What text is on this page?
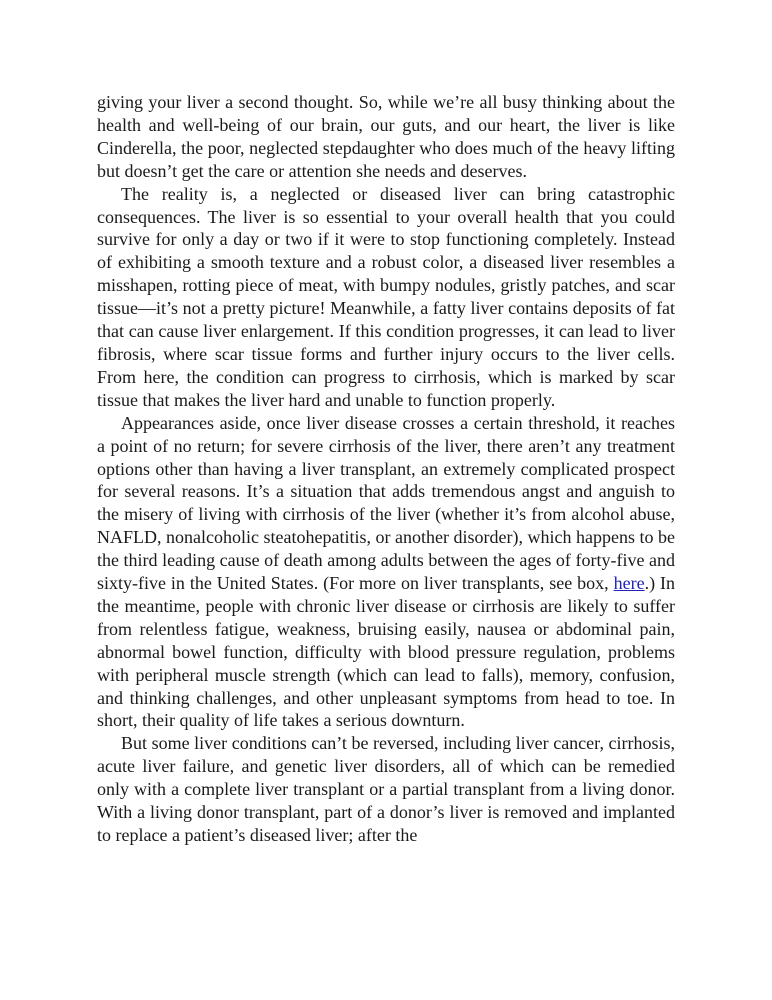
giving your liver a second thought. So, while we’re all busy thinking about the health and well-being of our brain, our guts, and our heart, the liver is like Cinderella, the poor, neglected stepdaughter who does much of the heavy lifting but doesn’t get the care or attention she needs and deserves.

The reality is, a neglected or diseased liver can bring catastrophic consequences. The liver is so essential to your overall health that you could survive for only a day or two if it were to stop functioning completely. Instead of exhibiting a smooth texture and a robust color, a diseased liver resembles a misshapen, rotting piece of meat, with bumpy nodules, gristly patches, and scar tissue—it’s not a pretty picture! Meanwhile, a fatty liver contains deposits of fat that can cause liver enlargement. If this condition progresses, it can lead to liver fibrosis, where scar tissue forms and further injury occurs to the liver cells. From here, the condition can progress to cirrhosis, which is marked by scar tissue that makes the liver hard and unable to function properly.

Appearances aside, once liver disease crosses a certain threshold, it reaches a point of no return; for severe cirrhosis of the liver, there aren’t any treatment options other than having a liver transplant, an extremely complicated prospect for several reasons. It’s a situation that adds tremendous angst and anguish to the misery of living with cirrhosis of the liver (whether it’s from alcohol abuse, NAFLD, nonalcoholic steatohepatitis, or another disorder), which happens to be the third leading cause of death among adults between the ages of forty-five and sixty-five in the United States. (For more on liver transplants, see box, here.) In the meantime, people with chronic liver disease or cirrhosis are likely to suffer from relentless fatigue, weakness, bruising easily, nausea or abdominal pain, abnormal bowel function, difficulty with blood pressure regulation, problems with peripheral muscle strength (which can lead to falls), memory, confusion, and thinking challenges, and other unpleasant symptoms from head to toe. In short, their quality of life takes a serious downturn.

But some liver conditions can’t be reversed, including liver cancer, cirrhosis, acute liver failure, and genetic liver disorders, all of which can be remedied only with a complete liver transplant or a partial transplant from a living donor. With a living donor transplant, part of a donor’s liver is removed and implanted to replace a patient’s diseased liver; after the
